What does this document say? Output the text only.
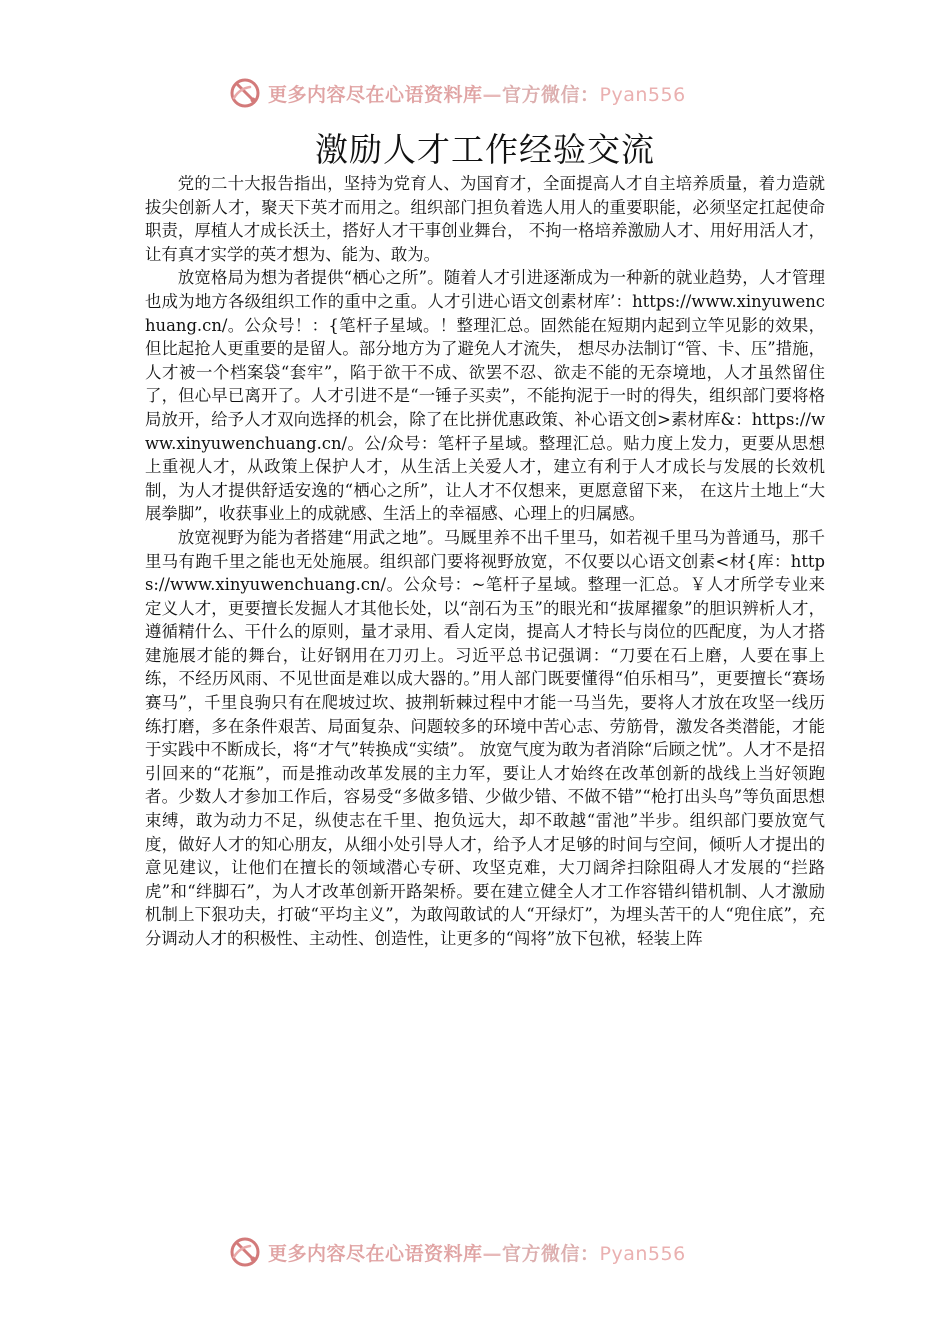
更多内容尽在心语资料库—官方微信：Pyan556
激励人才工作经验交流

党的二十大报告指出，坚持为党育人、为国育才，全面提高人才自主培养质量，着力造就拔尖创新人才，聚天下英才而用之。组织部门担负着选人用人的重要职能，必须坚定扛起使命职责，厚植人才成长沃土，搭好人才干事创业舞台， 不拘一格培养激励人才、用好用活人才，让有真才实学的英才想为、能为、敢为。

放宽格局为想为者提供“栖心之所”。随着人才引进逐渐成为一种新的就业趋势，人才管理也成为地方各级组织工作的重中之重。人才引进心语文创素材库’：https://www.xinyuwenchuang.cn/。公众号！：{笔杆子星域。！整理汇总。固然能在短期内起到立竿见影的效果，但比起抢人更重要的是留人。部分地方为了避免人才流失， 想尽办法制订“管、卡、压”措施，人才被一个档案袋“套牢”，陷于欲干不成、欲罢不忍、欲走不能的无奈境地，人才虽然留住了，但心早已离开了。人才引进不是“一锤子买卖”，不能拘泥于一时的得失，组织部门要将格局放开，给予人才双向选择的机会，除了在比拼优惠政策、补心语文创>素材库&：https://www.xinyuwenchuang.cn/。公/众号：笔杆子星域。整理汇总。贴力度上发力，更要从思想上重视人才，从政策上保护人才，从生活上关爱人才，建立有利于人才成长与发展的长效机制，为人才提供舒适安逸的“栖心之所”，让人才不仅想来，更愿意留下来， 在这片土地上“大展拳脚”，收获事业上的成就感、生活上的幸福感、心理上的归属感。

放宽视野为能为者搭建“用武之地”。马厩里养不出千里马，如若视千里马为普通马，那千里马有跑千里之能也无处施展。组织部门要将视野放宽，不仅要以心语文创素<材{库：https://www.xinyuwenchuang.cn/。公众号：~笔杆子星域。整理一汇总。￥人才所学专业来定义人才，更要擅长发掘人才其他长处，以“剖石为玉”的眼光和“拔犀擢象”的胆识辨析人才，遵循精什么、干什么的原则，量才录用、看人定岗，提高人才特长与岗位的匹配度，为人才搭建施展才能的舞台，让好钢用在刀刃上。习近平总书记强调：“刀要在石上磨，人要在事上练，不经历风雨、不见世面是难以成大器的。”用人部门既要懂得“伯乐相马”，更要擅长“赛场赛马”，千里良驹只有在爬坡过坎、披荆斩棘过程中才能一马当先，要将人才放在攻坚一线历练打磨，多在条件艰苦、局面复杂、问题较多的环境中苦心志、劳筋骨，激发各类潜能，才能于实践中不断成长，将“才气”转换成“实绩”。 放宽气度为敢为者消除“后顾之忧”。人才不是招引回来的“花瓶”，而是推动改革发展的主力军，要让人才始终在改革创新的战线上当好领跑者。少数人才参加工作后，容易受“多做多错、少做少错、不做不错”“枪打出头鸟”等负面思想束缚，敢为动力不足，纵使志在千里、抱负远大，却不敢越“雷池”半步。组织部门要放宽气度，做好人才的知心朋友，从细小处引导人才，给予人才足够的时间与空间，倾听人才提出的意见建议，让他们在擅长的领域潜心专研、攻坚克难，大刀阔斧扫除阻碍人才发展的“拦路虎”和“绊脚石”，为人才改革创新开路架桥。要在建立健全人才工作容错纠错机制、人才激励机制上下狠功夫，打破“平均主义”，为敢闯敢试的人“开绿灯”，为埋头苦干的人“兜住底”，充分调动人才的积极性、主动性、创造性，让更多的“闯将”放下包袱，轻装上阵

更多内容尽在心语资料库—官方微信：Pyan556
